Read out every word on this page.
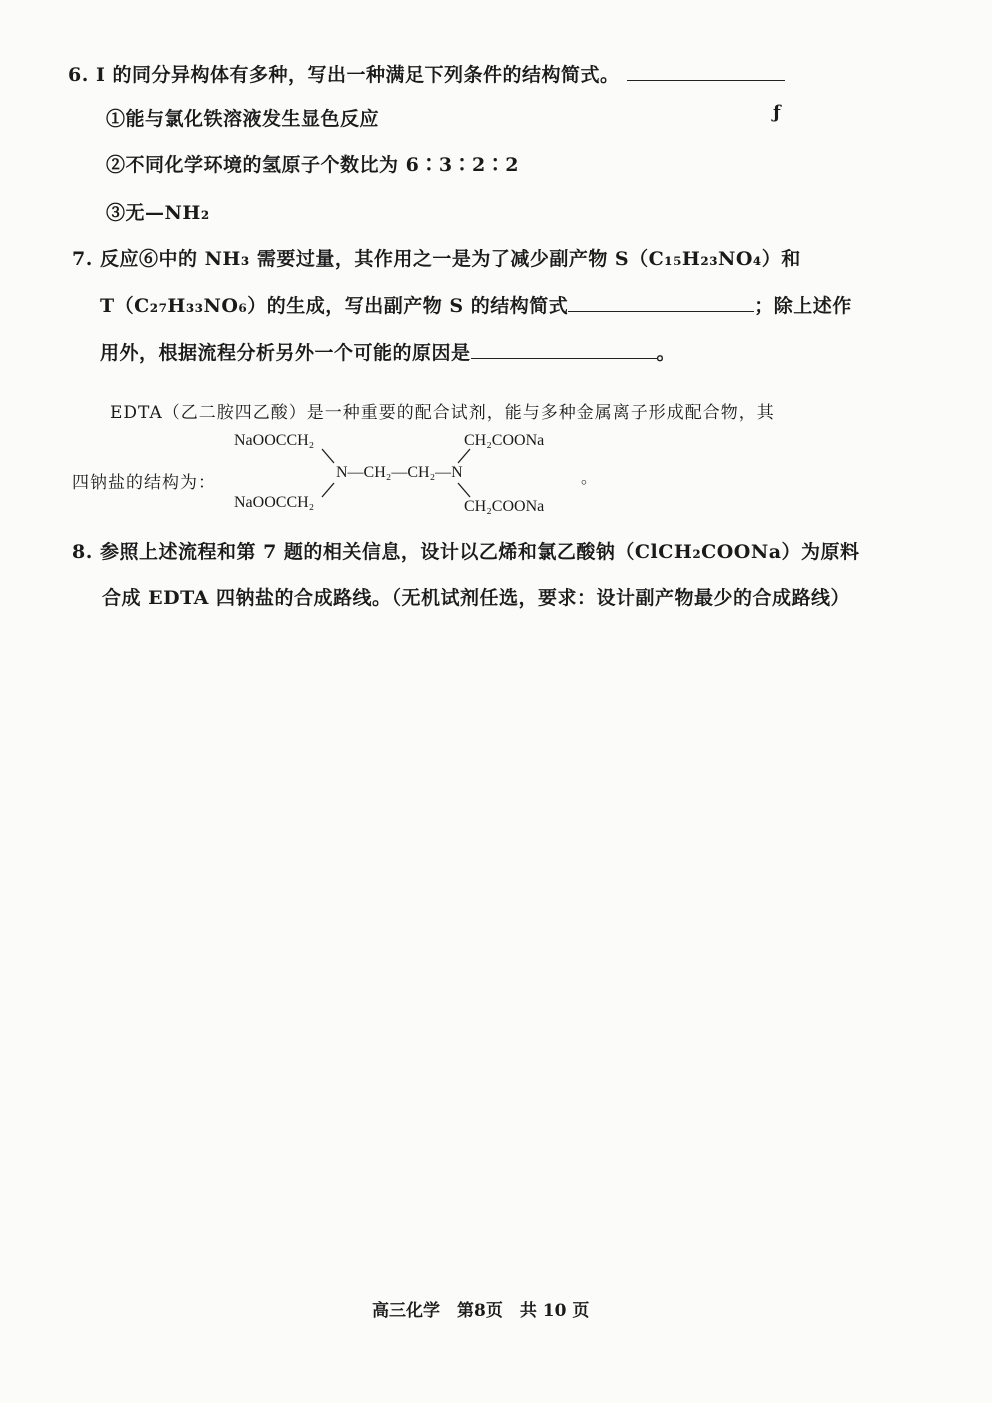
6. I 的同分异构体有多种，写出一种满足下列条件的结构简式。
①能与氯化铁溶液发生显色反应	ƒ
②不同化学环境的氢原子个数比为 6∶3∶2∶2
③无—NH₂
7. 反应⑥中的 NH₃ 需要过量，其作用之一是为了减少副产物 S（C₁₅H₂₃NO₄）和
T（C₂₇H₃₃NO₆）的生成，写出副产物 S 的结构简式	；除上述作
用外，根据流程分析另外一个可能的原因是	。
EDTA（乙二胺四乙酸）是一种重要的配合试剂，能与多种金属离子形成配合物，其
四钠盐的结构为：
NaOOCCH₂
NaOOCCH₂
N—CH₂—CH₂—N
CH₂COONa
CH₂COONa
。
8. 参照上述流程和第 7 题的相关信息，设计以乙烯和氯乙酸钠（ClCH₂COONa）为原料
合成 EDTA 四钠盐的合成路线。（无机试剂任选，要求：设计副产物最少的合成路线）
高三化学　第8页　共 10 页
